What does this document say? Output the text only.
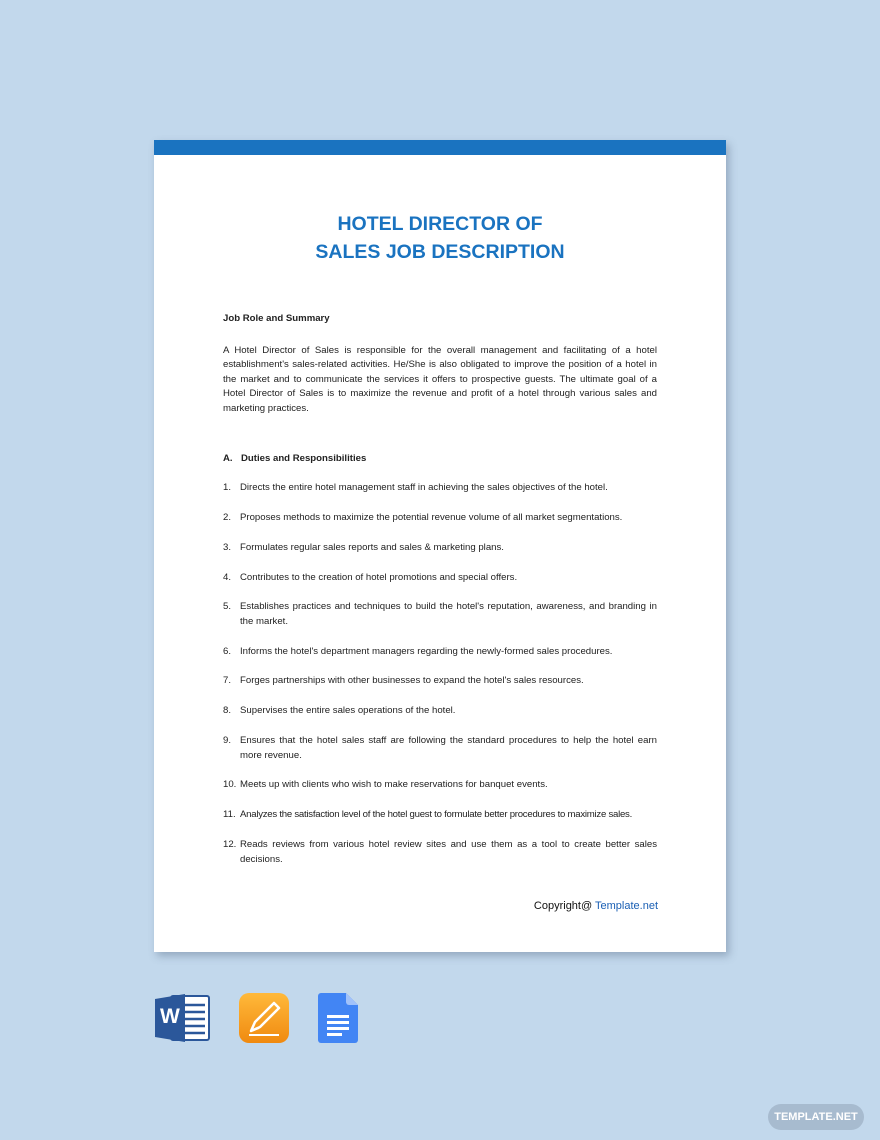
HOTEL DIRECTOR OF
SALES JOB DESCRIPTION

Job Role and Summary

A Hotel Director of Sales is responsible for the overall management and facilitating of a hotel establishment's sales-related activities. He/She is also obligated to improve the position of a hotel in the market and to communicate the services it offers to prospective guests. The ultimate goal of a Hotel Director of Sales is to maximize the revenue and profit of a hotel through various sales and marketing practices.

A. Duties and Responsibilities
1. Directs the entire hotel management staff in achieving the sales objectives of the hotel.
2. Proposes methods to maximize the potential revenue volume of all market segmentations.
3. Formulates regular sales reports and sales & marketing plans.
4. Contributes to the creation of hotel promotions and special offers.
5. Establishes practices and techniques to build the hotel's reputation, awareness, and branding in the market.
6. Informs the hotel's department managers regarding the newly-formed sales procedures.
7. Forges partnerships with other businesses to expand the hotel's sales resources.
8. Supervises the entire sales operations of the hotel.
9. Ensures that the hotel sales staff are following the standard procedures to help the hotel earn more revenue.
10. Meets up with clients who wish to make reservations for banquet events.
11. Analyzes the satisfaction level of the hotel guest to formulate better procedures to maximize sales.
12. Reads reviews from various hotel review sites and use them as a tool to create better sales decisions.
Copyright@ Template.net
W
TEMPLATE.NET
